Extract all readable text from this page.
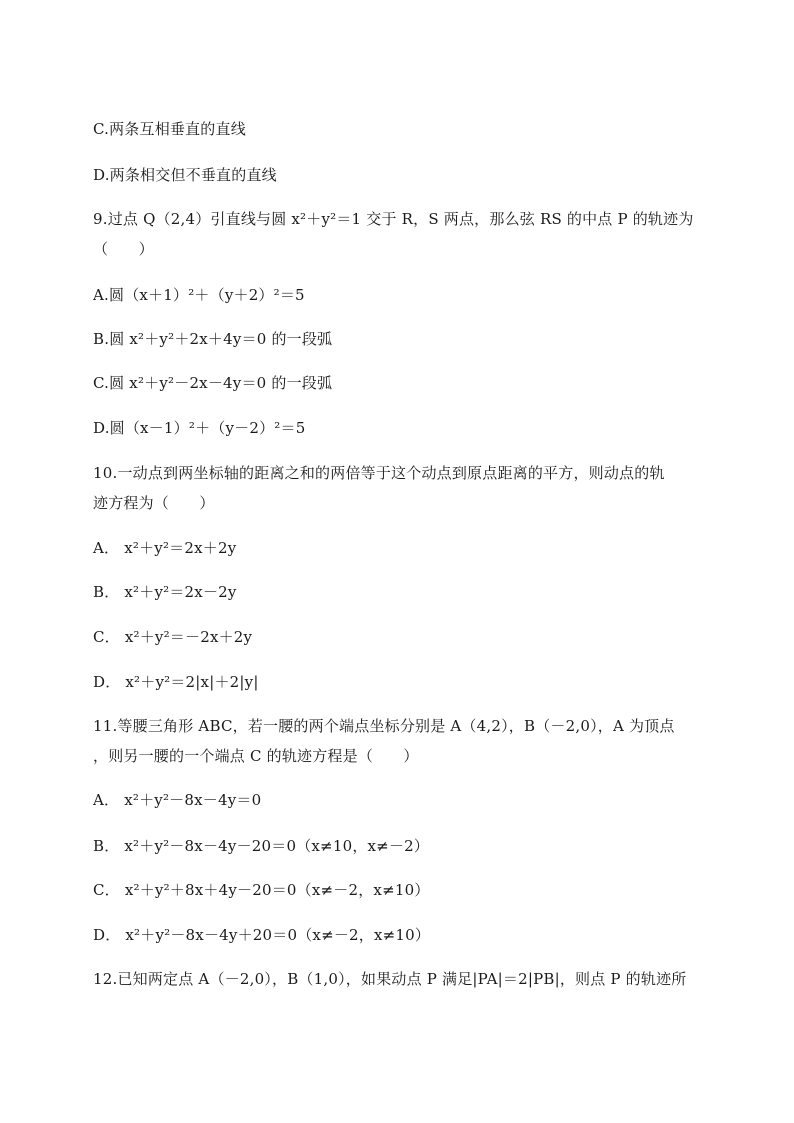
C.两条互相垂直的直线
D.两条相交但不垂直的直线
9.过点 Q（2,4）引直线与圆 x²＋y²＝1 交于 R，S 两点，那么弦 RS 的中点 P 的轨迹为
（　　）
A.圆（x＋1）²＋（y＋2）²＝5
B.圆 x²＋y²＋2x＋4y＝0 的一段弧
C.圆 x²＋y²－2x－4y＝0 的一段弧
D.圆（x－1）²＋（y－2）²＝5
10.一动点到两坐标轴的距离之和的两倍等于这个动点到原点距离的平方，则动点的轨
迹方程为（　　）
A． x²＋y²＝2x＋2y
B． x²＋y²＝2x－2y
C． x²＋y²＝－2x＋2y
D． x²＋y²＝2|x|＋2|y|
11.等腰三角形 ABC，若一腰的两个端点坐标分别是 A（4,2），B（－2,0），A 为顶点
，则另一腰的一个端点 C 的轨迹方程是（　　）
A． x²＋y²－8x－4y＝0
B． x²＋y²－8x－4y－20＝0（x≠10，x≠－2）
C． x²＋y²＋8x＋4y－20＝0（x≠－2，x≠10）
D． x²＋y²－8x－4y＋20＝0（x≠－2，x≠10）
12.已知两定点 A（－2,0），B（1,0），如果动点 P 满足|PA|＝2|PB|，则点 P 的轨迹所
